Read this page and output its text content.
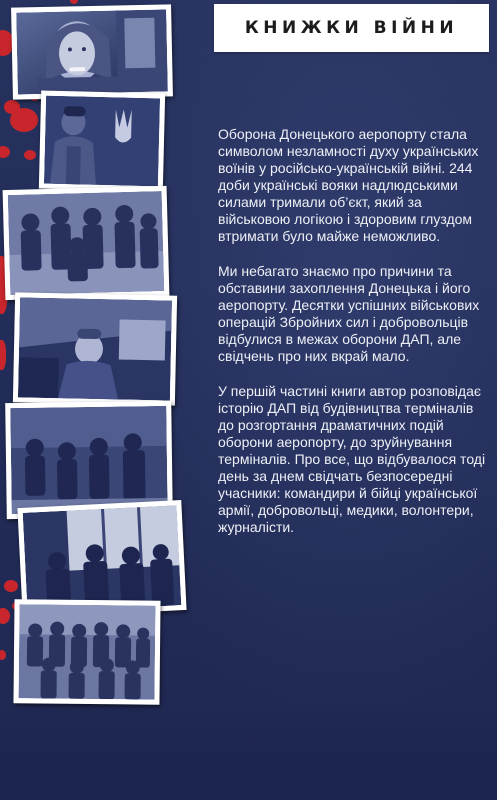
КНИЖКИ ВІЙНИ

Оборона Донецького аеропорту стала символом незламності духу українських воїнів у російсько-українській війні. 244 доби українські вояки надлюдськими силами тримали об’єкт, який за військовою логікою і здоровим глуздом втримати було майже неможливо.

Ми небагато знаємо про причини та обставини захоплення Донецька і його аеропорту. Десятки успішних військових операцій Збройних сил і добровольців відбулися в межах оборони ДАП, але свідчень про них вкрай мало.

У першій частині книги автор розповідає історію ДАП від будівництва терміналів до розгортання драматичних подій оборони аеропорту, до зруйнування терміналів. Про все, що відбувалося тоді день за днем свідчать безпосередні учасники: командири й бійці української армії, добровольці, медики, волонтери, журналісти.
